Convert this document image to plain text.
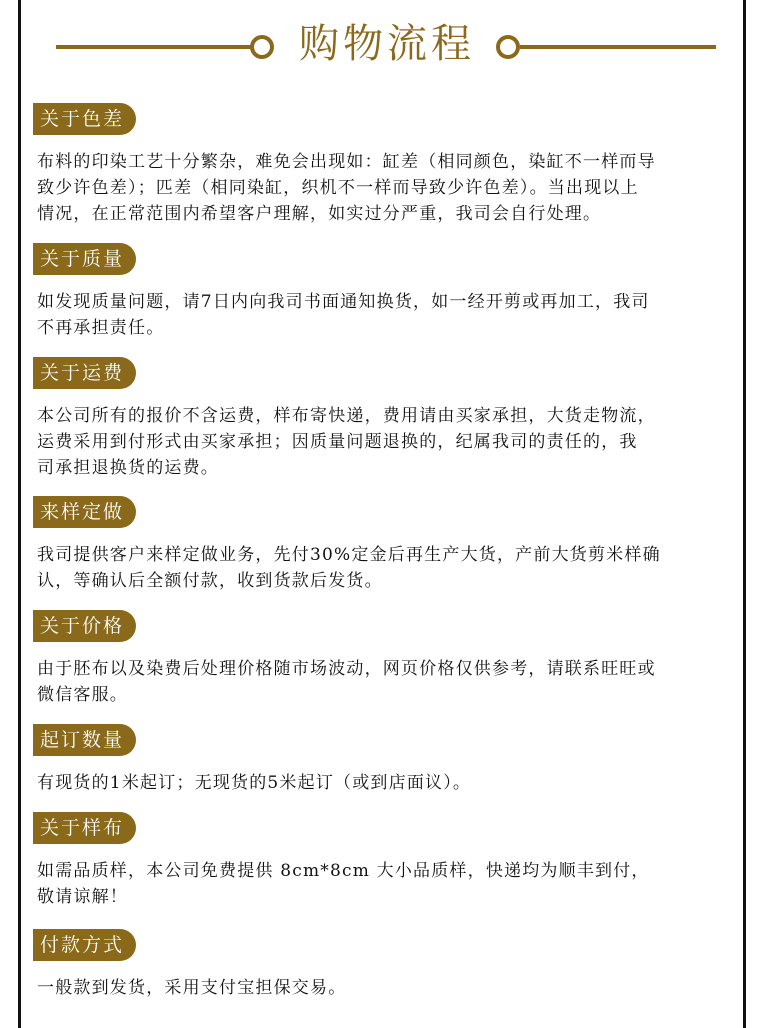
购物流程
关于色差
布料的印染工艺十分繁杂，难免会出现如：缸差（相同颜色，染缸不一样而导
致少许色差）；匹差（相同染缸，织机不一样而导致少许色差）。当出现以上
情况，在正常范围内希望客户理解，如实过分严重，我司会自行处理。
关于质量
如发现质量问题，请7日内向我司书面通知换货，如一经开剪或再加工，我司
不再承担责任。
关于运费
本公司所有的报价不含运费，样布寄快递，费用请由买家承担，大货走物流，
运费采用到付形式由买家承担；因质量问题退换的，纪属我司的责任的，我
司承担退换货的运费。
来样定做
我司提供客户来样定做业务，先付30%定金后再生产大货，产前大货剪米样确
认，等确认后全额付款，收到货款后发货。
关于价格
由于胚布以及染费后处理价格随市场波动，网页价格仅供参考，请联系旺旺或
微信客服。
起订数量
有现货的1米起订；无现货的5米起订（或到店面议）。
关于样布
如需品质样，本公司免费提供 8cm*8cm 大小品质样，快递均为顺丰到付，
敬请谅解！
付款方式
一般款到发货，采用支付宝担保交易。
